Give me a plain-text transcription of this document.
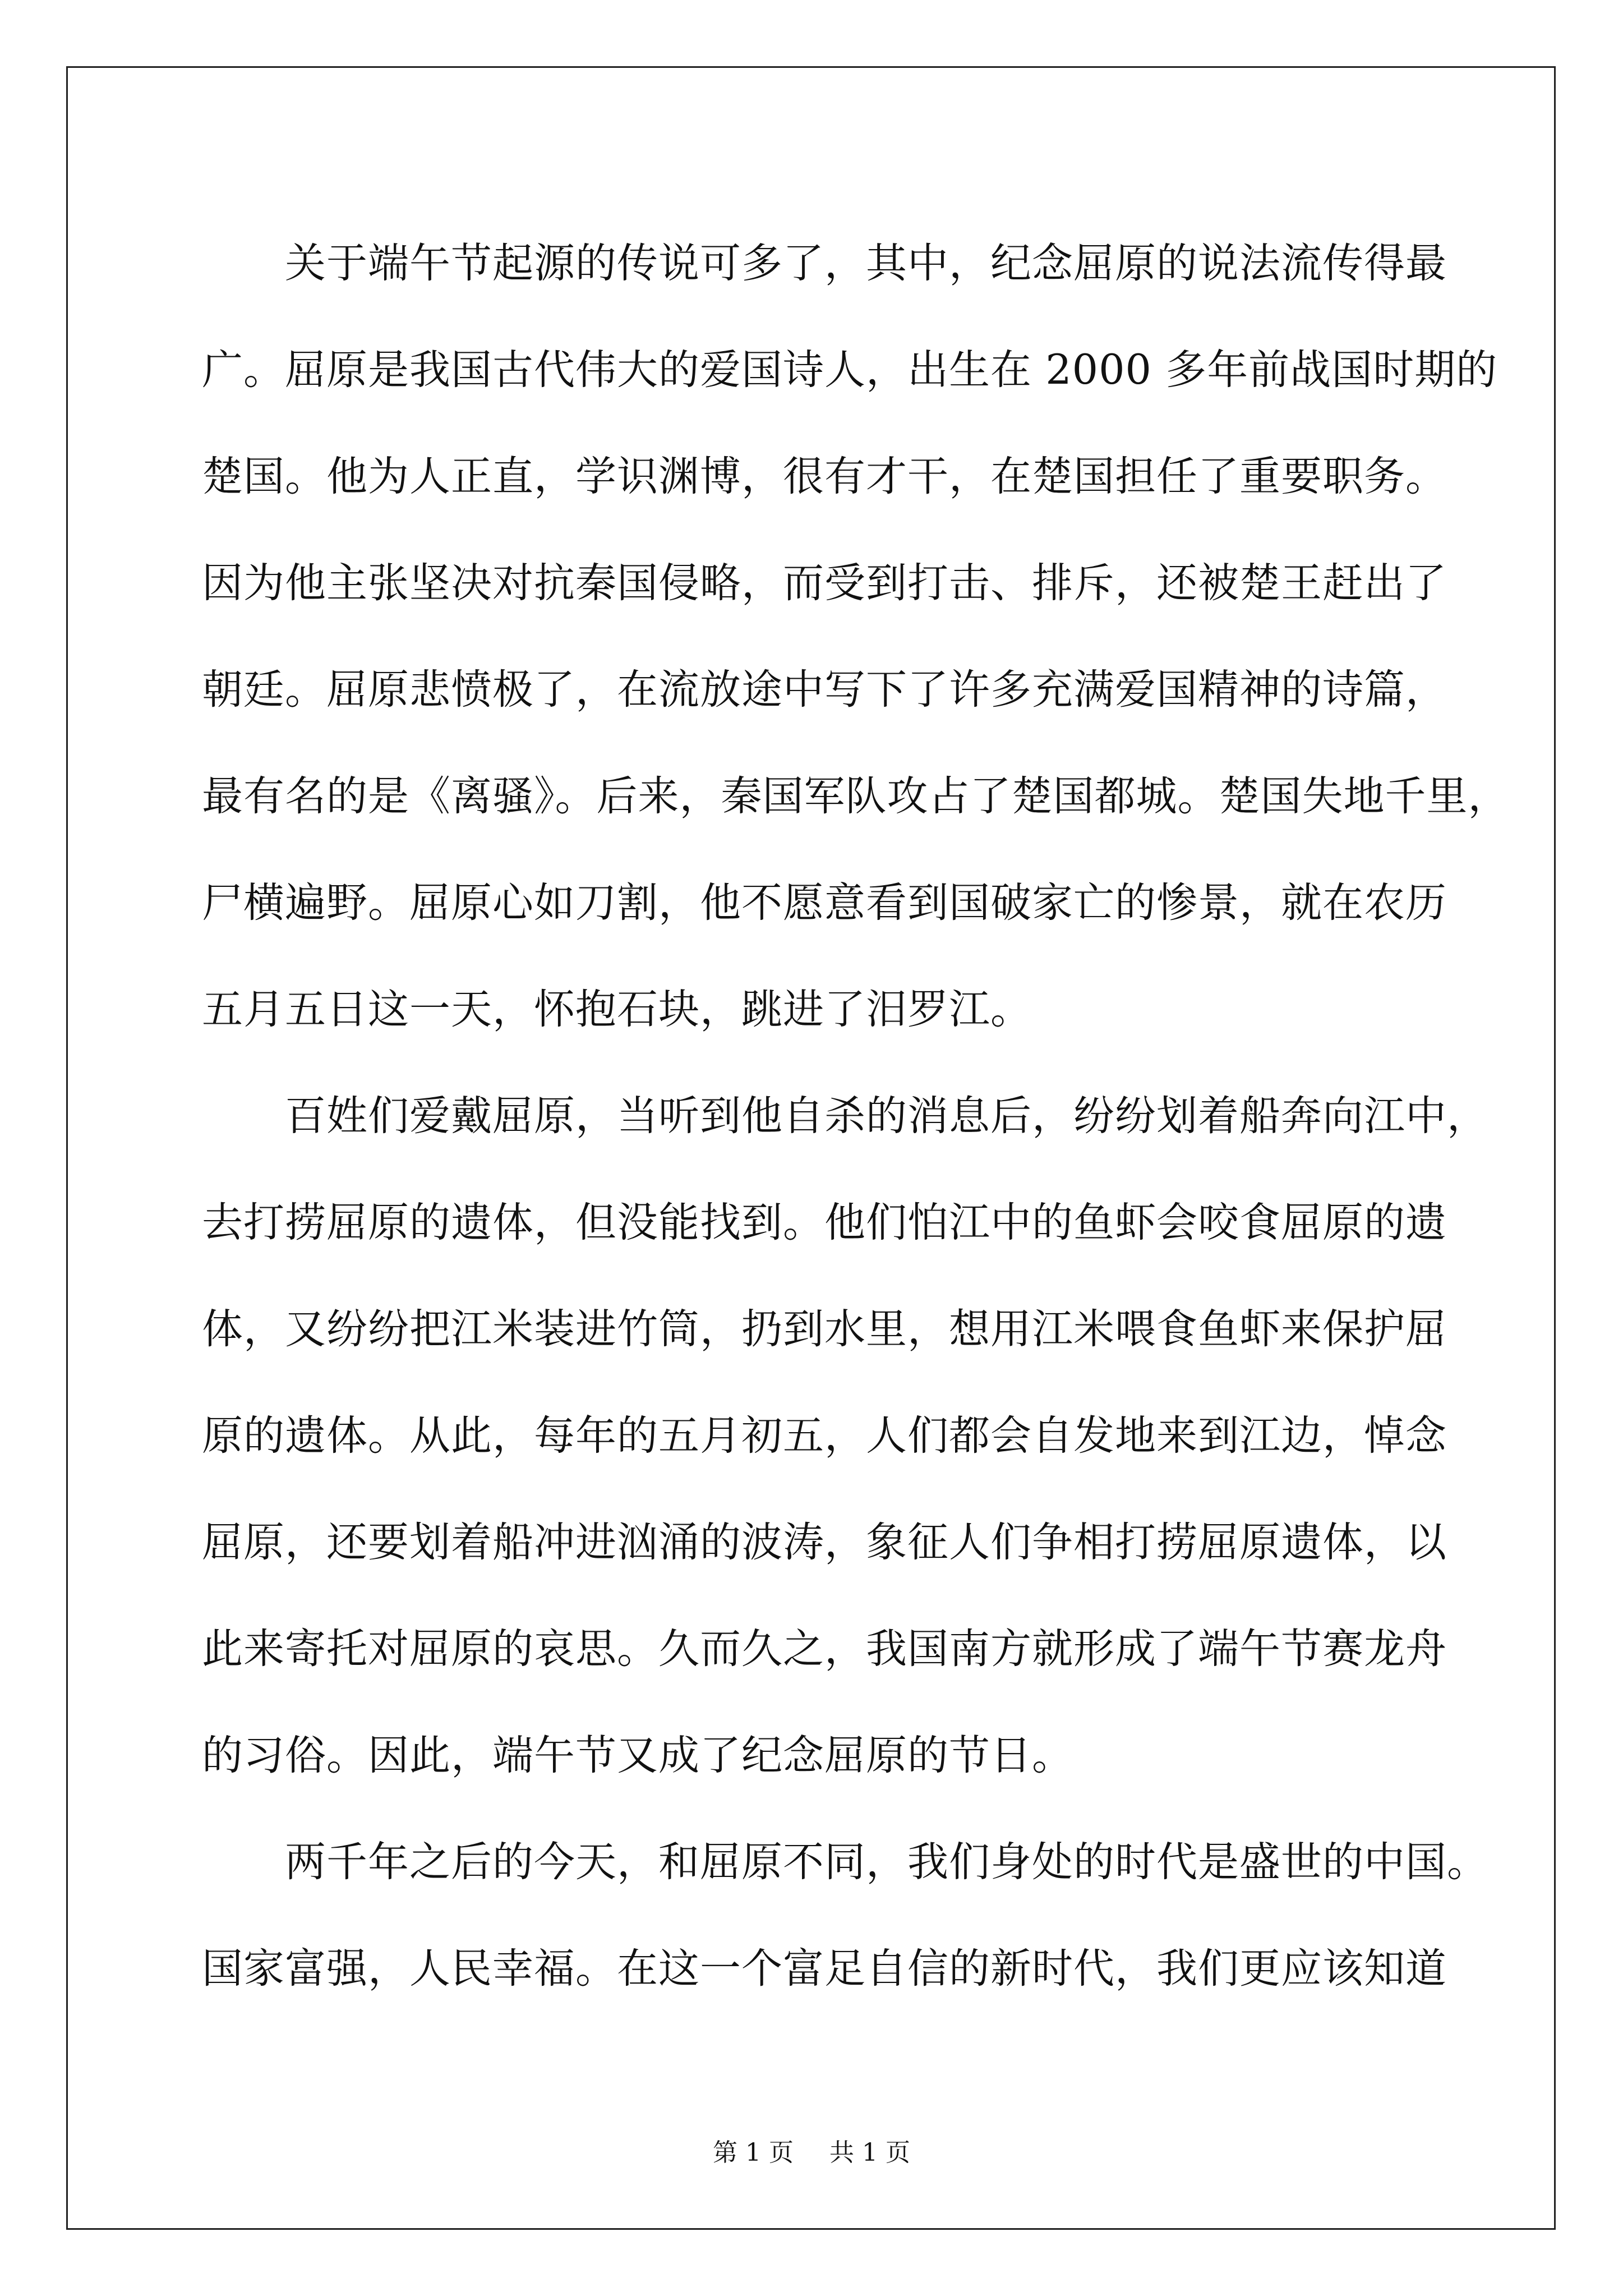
关于端午节起源的传说可多了，其中，纪念屈原的说法流传得最
广。屈原是我国古代伟大的爱国诗人，出生在 2000 多年前战国时期的
楚国。他为人正直，学识渊博，很有才干，在楚国担任了重要职务。
因为他主张坚决对抗秦国侵略，而受到打击、排斥，还被楚王赶出了
朝廷。屈原悲愤极了，在流放途中写下了许多充满爱国精神的诗篇，
最有名的是《离骚》。后来，秦国军队攻占了楚国都城。楚国失地千里，
尸横遍野。屈原心如刀割，他不愿意看到国破家亡的惨景，就在农历
五月五日这一天，怀抱石块，跳进了汨罗江。
百姓们爱戴屈原，当听到他自杀的消息后，纷纷划着船奔向江中，
去打捞屈原的遗体，但没能找到。他们怕江中的鱼虾会咬食屈原的遗
体，又纷纷把江米装进竹筒，扔到水里，想用江米喂食鱼虾来保护屈
原的遗体。从此，每年的五月初五，人们都会自发地来到江边，悼念
屈原，还要划着船冲进汹涌的波涛，象征人们争相打捞屈原遗体，以
此来寄托对屈原的哀思。久而久之，我国南方就形成了端午节赛龙舟
的习俗。因此，端午节又成了纪念屈原的节日。
两千年之后的今天，和屈原不同，我们身处的时代是盛世的中国。
国家富强，人民幸福。在这一个富足自信的新时代，我们更应该知道
第 1 页 共 1 页
